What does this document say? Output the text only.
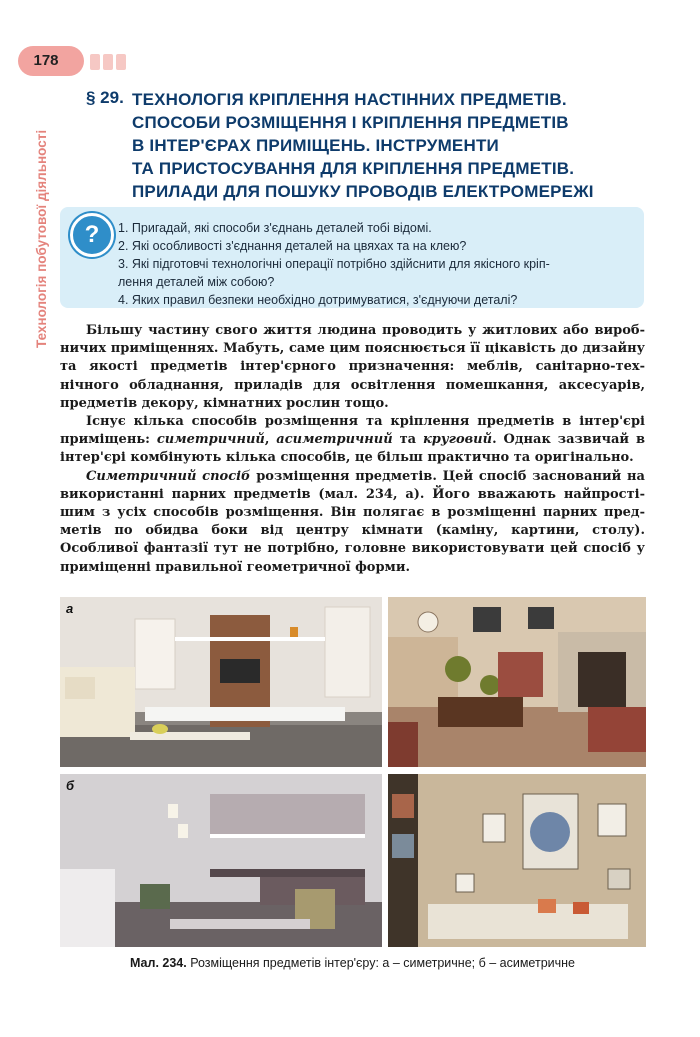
178
Технологія побутової діяльності
§ 29. ТЕХНОЛОГІЯ КРІПЛЕННЯ НАСТІННИХ ПРЕДМЕТІВ.
СПОСОБИ РОЗМІЩЕННЯ І КРІПЛЕННЯ ПРЕДМЕТІВ
В ІНТЕР'ЄРАХ ПРИМІЩЕНЬ. ІНСТРУМЕНТИ
ТА ПРИСТОСУВАННЯ ДЛЯ КРІПЛЕННЯ ПРЕДМЕТІВ.
ПРИЛАДИ ДЛЯ ПОШУКУ ПРОВОДІВ ЕЛЕКТРОМЕРЕЖІ
?	1. Пригадай, які способи з'єднань деталей тобі відомі.
2. Які особливості з'єднання деталей на цвяхах та на клею?
3. Які підготовчі технологічні операції потрібно здійснити для якісного кріп-
лення деталей між собою?
4. Яких правил безпеки необхідно дотримуватися, з'єднуючи деталі?

Більшу частину свого життя людина проводить у житлових або виробничих приміщеннях. Мабуть, саме цим пояснюється її цікавість до дизайну та якості предметів інтер'єрного призначення: меблів, санітарно-технічного обладнання, приладів для освітлення помешкання, аксесуарів, предметів декору, кімнатних рослин тощо.

Існує кілька способів розміщення та кріплення предметів в інтер'єрі приміщень: симетричний, асиметричний та круговий. Однак зазвичай в інтер'єрі комбінують кілька способів, це більш практично та оригінально.

Симетричний спосіб розміщення предметів. Цей спосіб заснований на використанні парних предметів (мал. 234, а). Його вважають найпростішим з усіх способів розміщення. Він полягає в розміщенні парних предметів по обидва боки від центру кімнати (каміну, картини, столу). Особливої фантазії тут не потрібно, головне використовувати цей спосіб у приміщенні правильної геометричної форми.

а
б
Мал. 234. Розміщення предметів інтер'єру: а – симетричне; б – асиметричне
